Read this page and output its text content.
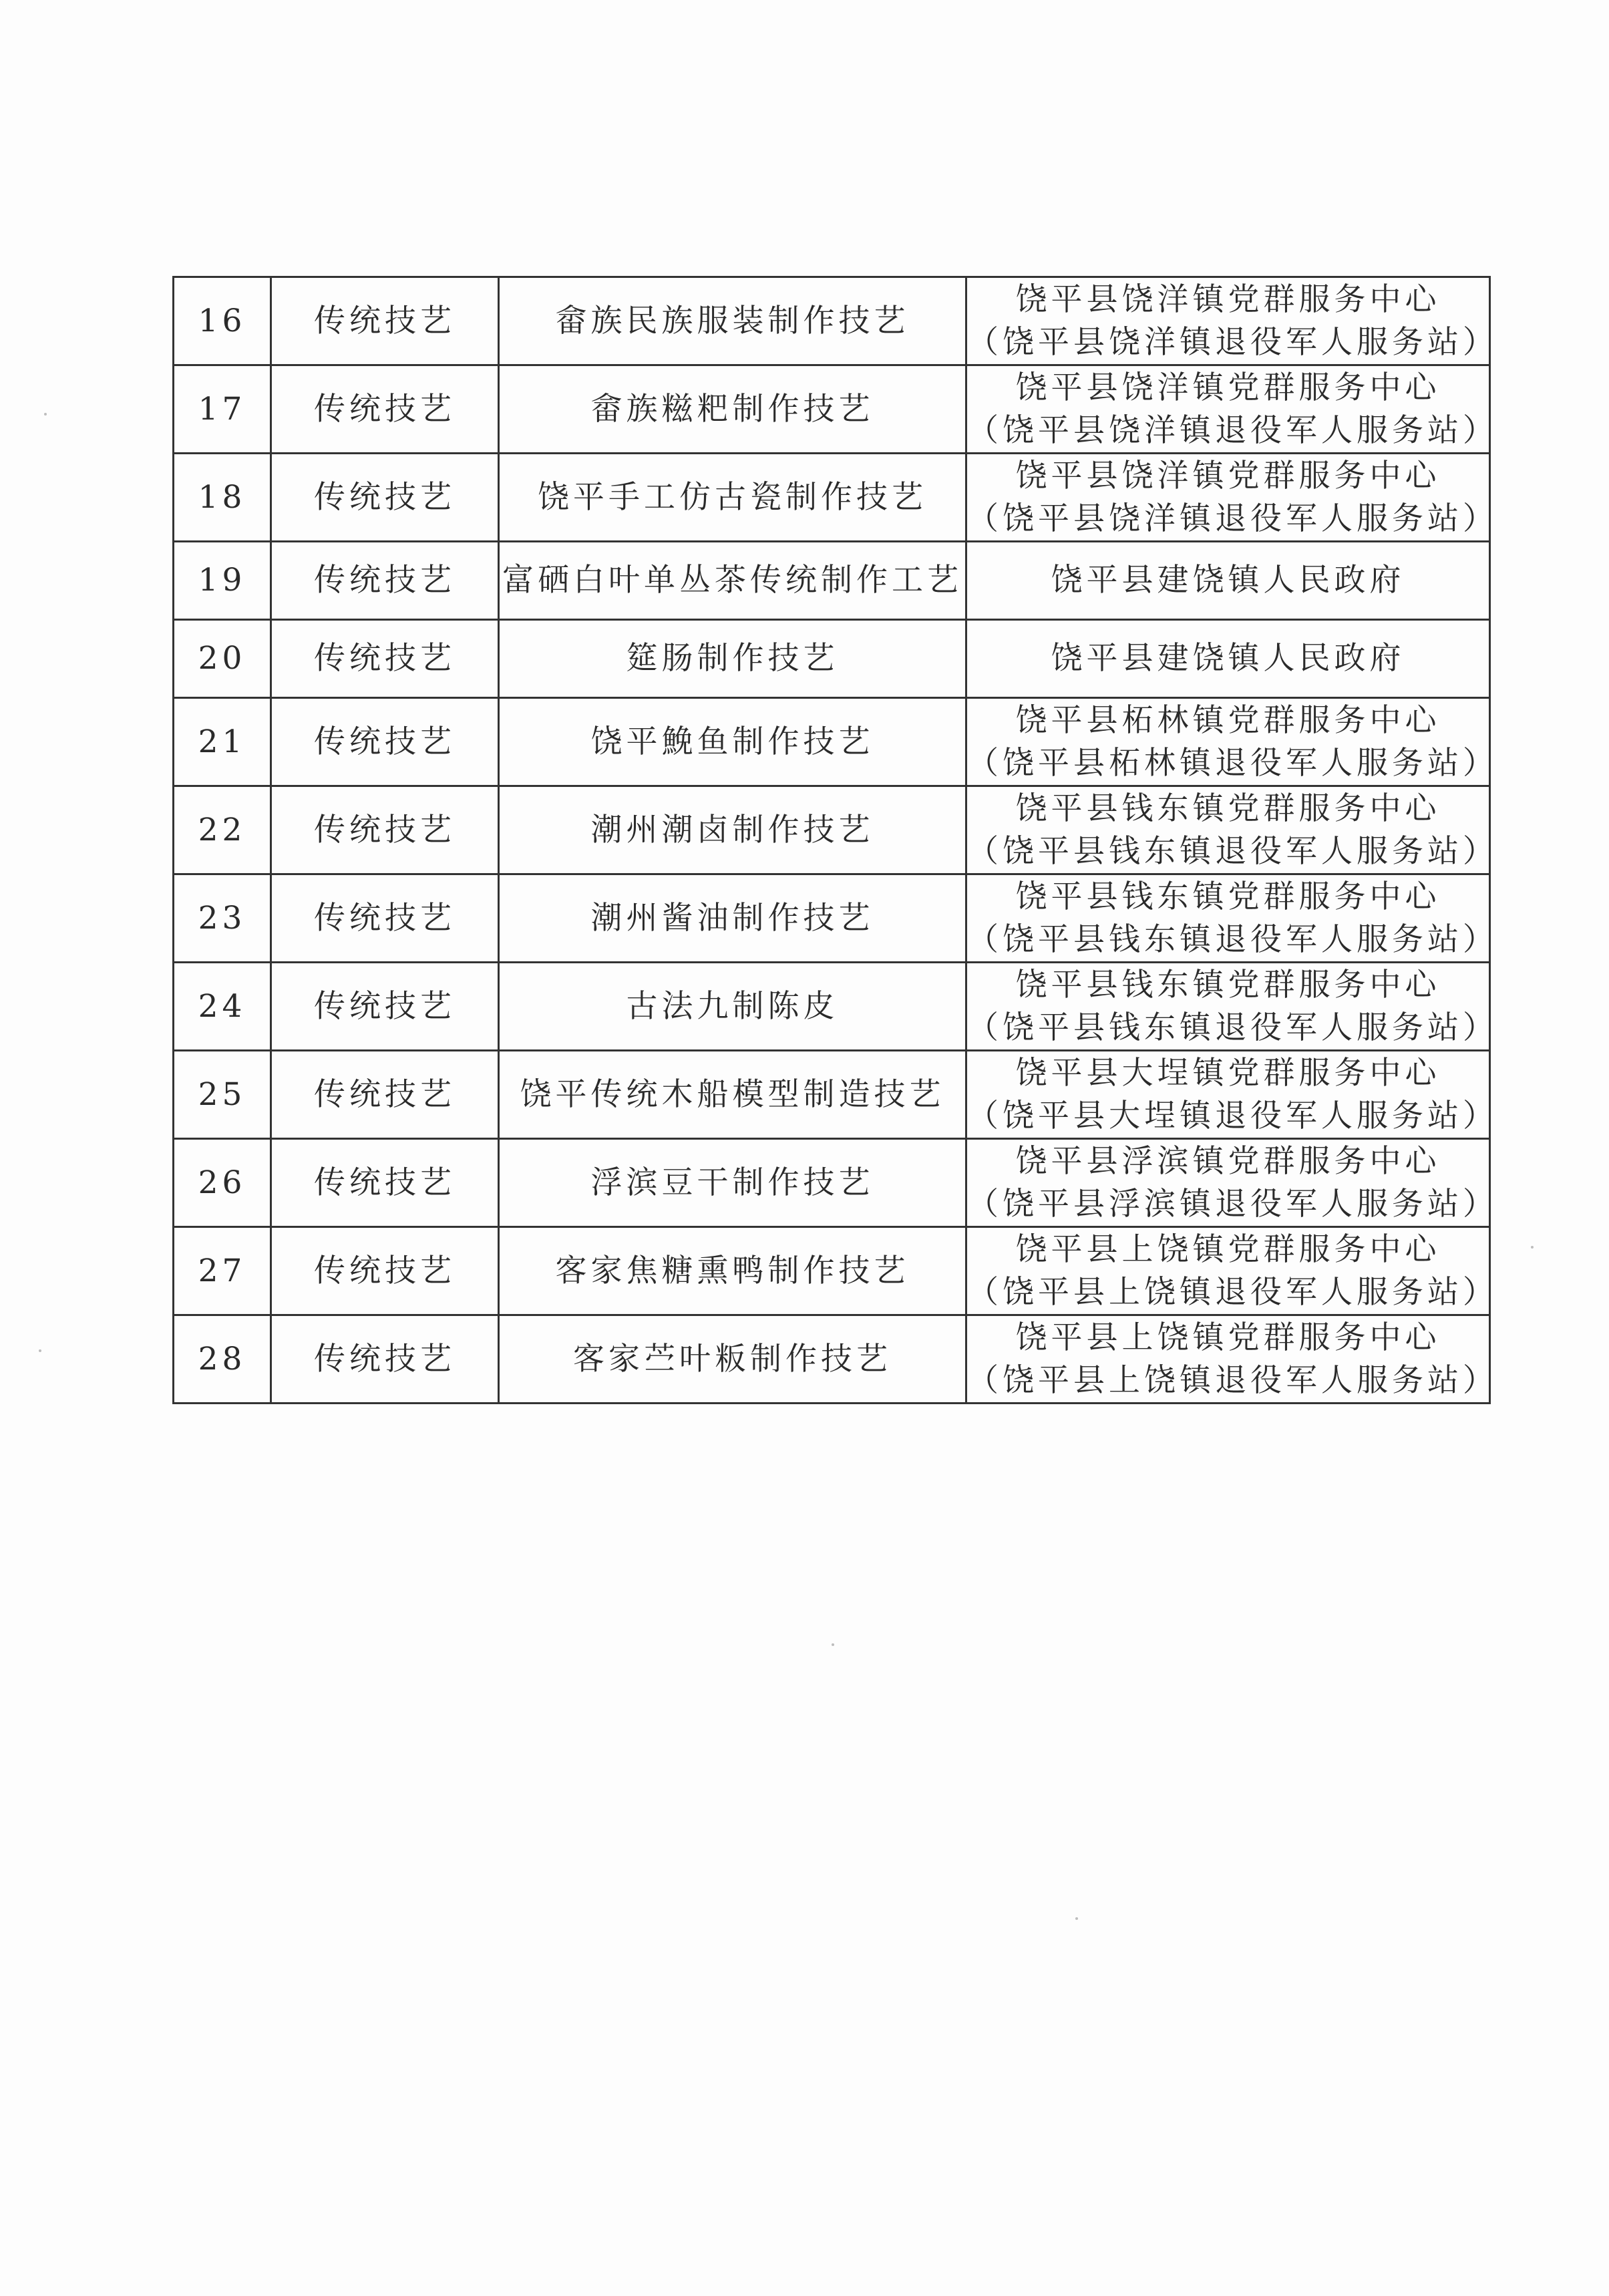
16	传统技艺	畲族民族服装制作技艺	饶平县饶洋镇党群服务中心
（饶平县饶洋镇退役军人服务站）

17	传统技艺	畲族糍粑制作技艺	饶平县饶洋镇党群服务中心
（饶平县饶洋镇退役军人服务站）

18	传统技艺	饶平手工仿古瓷制作技艺	饶平县饶洋镇党群服务中心
（饶平县饶洋镇退役军人服务站）

19	传统技艺	富硒白叶单丛茶传统制作工艺	饶平县建饶镇人民政府

20	传统技艺	筵肠制作技艺	饶平县建饶镇人民政府

21	传统技艺	饶平鮸鱼制作技艺	饶平县柘林镇党群服务中心
（饶平县柘林镇退役军人服务站）

22	传统技艺	潮州潮卤制作技艺	饶平县钱东镇党群服务中心
（饶平县钱东镇退役军人服务站）

23	传统技艺	潮州酱油制作技艺	饶平县钱东镇党群服务中心
（饶平县钱东镇退役军人服务站）

24	传统技艺	古法九制陈皮	饶平县钱东镇党群服务中心
（饶平县钱东镇退役军人服务站）

25	传统技艺	饶平传统木船模型制造技艺	饶平县大埕镇党群服务中心
（饶平县大埕镇退役军人服务站）

26	传统技艺	浮滨豆干制作技艺	饶平县浮滨镇党群服务中心
（饶平县浮滨镇退役军人服务站）

27	传统技艺	客家焦糖熏鸭制作技艺	饶平县上饶镇党群服务中心
（饶平县上饶镇退役军人服务站）

28	传统技艺	客家苎叶粄制作技艺	饶平县上饶镇党群服务中心
（饶平县上饶镇退役军人服务站）
